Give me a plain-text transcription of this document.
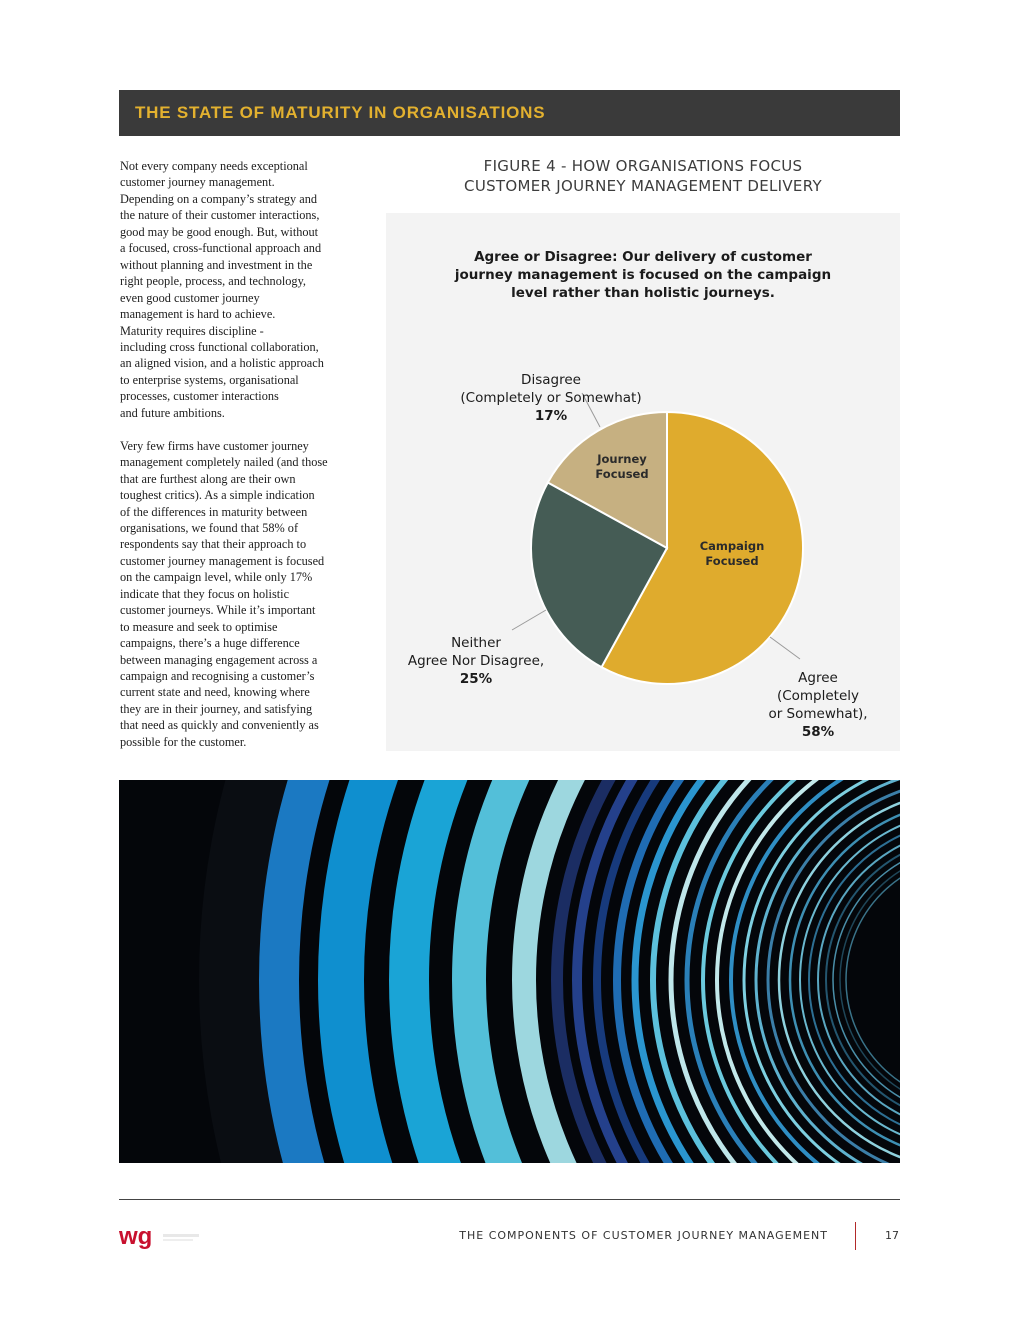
THE STATE OF MATURITY IN ORGANISATIONS

Not every company needs exceptional
customer journey management.
Depending on a company’s strategy and
the nature of their customer interactions,
good may be good enough. But, without
a focused, cross-functional approach and
without planning and investment in the
right people, process, and technology,
even good customer journey
management is hard to achieve.
Maturity requires discipline -
including cross functional collaboration,
an aligned vision, and a holistic approach
to enterprise systems, organisational
processes, customer interactions
and future ambitions.

Very few firms have customer journey
management completely nailed (and those
that are furthest along are their own
toughest critics). As a simple indication
of the differences in maturity between
organisations, we found that 58% of
respondents say that their approach to
customer journey management is focused
on the campaign level, while only 17%
indicate that they focus on holistic
customer journeys. While it’s important
to measure and seek to optimise
campaigns, there’s a huge difference
between managing engagement across a
campaign and recognising a customer’s
current state and need, knowing where
they are in their journey, and satisfying
that need as quickly and conveniently as
possible for the customer.

FIGURE 4 - HOW ORGANISATIONS FOCUS
CUSTOMER JOURNEY MANAGEMENT DELIVERY
Agree or Disagree: Our delivery of customer
journey management is focused on the campaign
level rather than holistic journeys.

Disagree
(Completely or Somewhat)

17%

Neither
Agree Nor Disagree,

25%	Agree
(Completely
or Somewhat),

58%

Campaign
Focused
Journey
Focused
wg	THE COMPONENTS OF CUSTOMER JOURNEY MANAGEMENT	17
